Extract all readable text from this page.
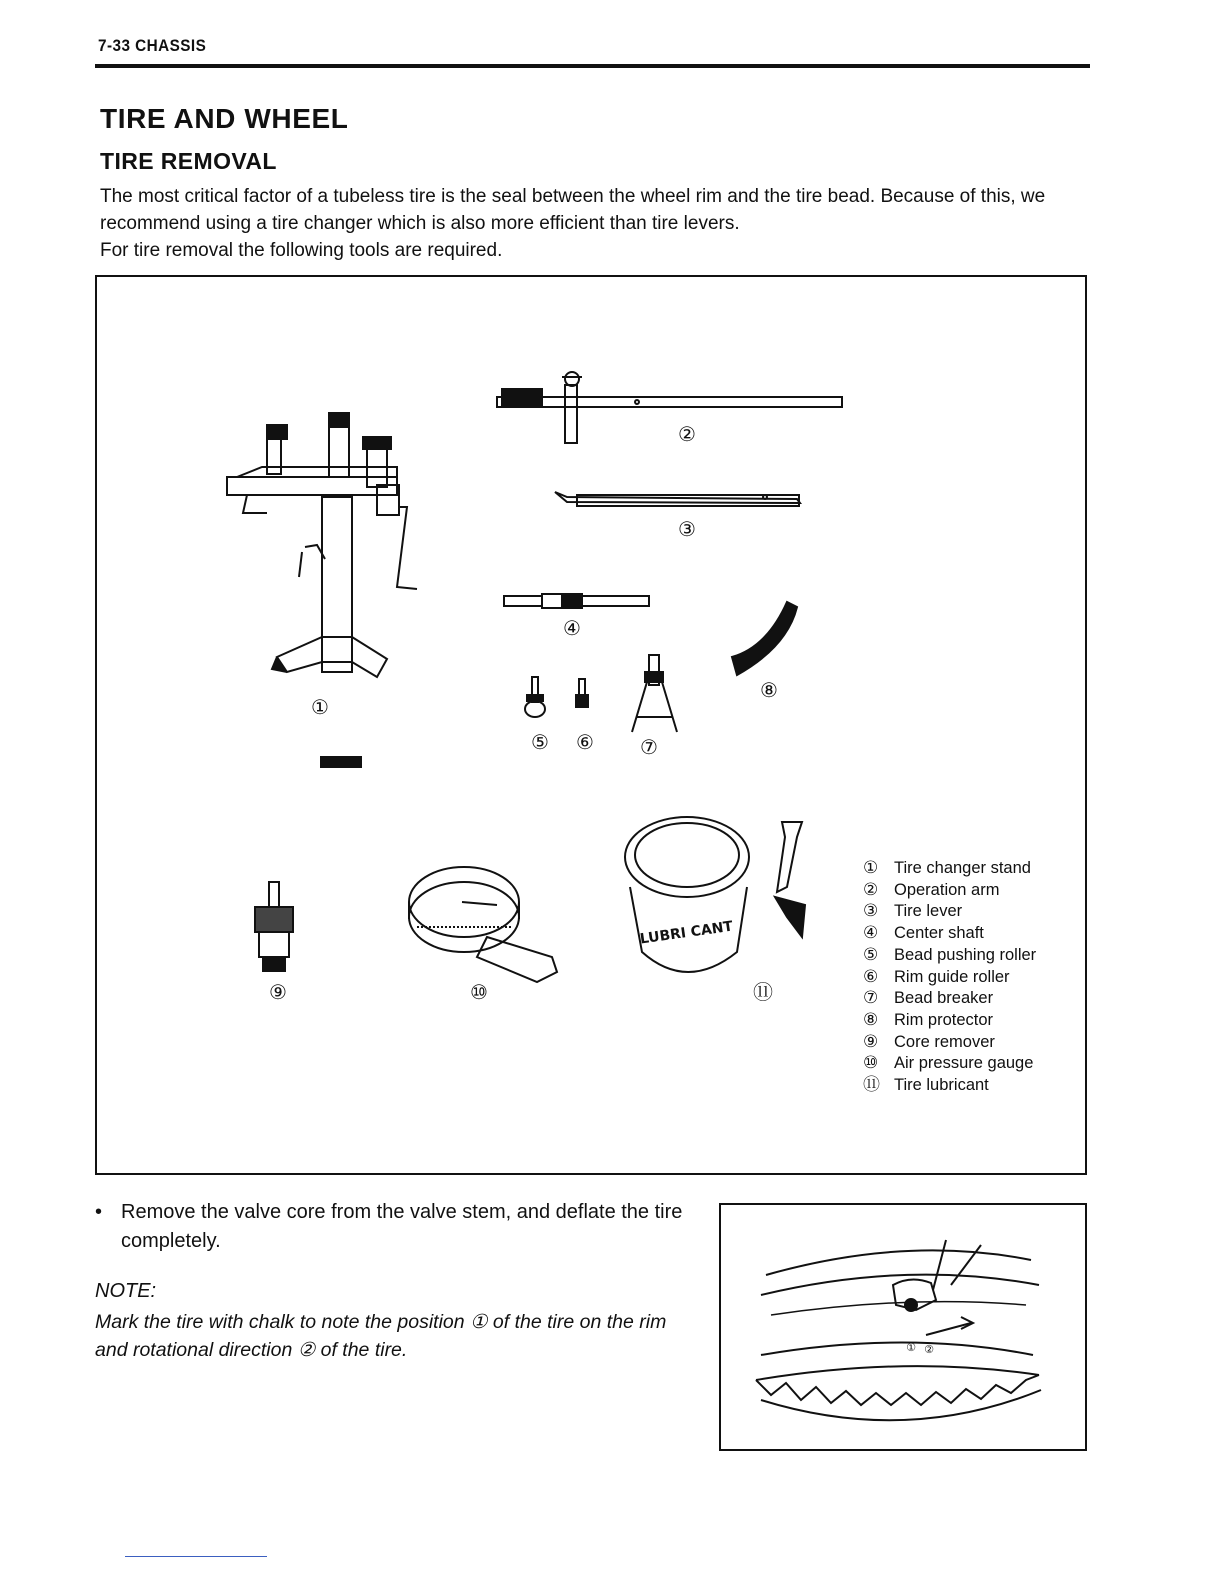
7-33 CHASSIS
TIRE AND WHEEL
TIRE REMOVAL

The most critical factor of a tubeless tire is the seal between the wheel rim and the tire bead. Because of this, we recommend using a tire changer which is also more efficient than tire levers.

For tire removal the following tools are required.

①
②
③
④
⑤ ⑥ ⑦
⑧
⑨	⑩	⑪
LUBRI CANT
① Tire changer stand
② Operation arm
③ Tire lever
④ Center shaft
⑤ Bead pushing roller
⑥ Rim guide roller
⑦ Bead breaker
⑧ Rim protector
⑨ Core remover
⑩ Air pressure gauge
⑪ Tire lubricant
• Remove the valve core from the valve stem, and deflate the tire completely.
NOTE:
Mark the tire with chalk to note the position ① of the tire on the rim and rotational direction ② of the tire.	① ②
